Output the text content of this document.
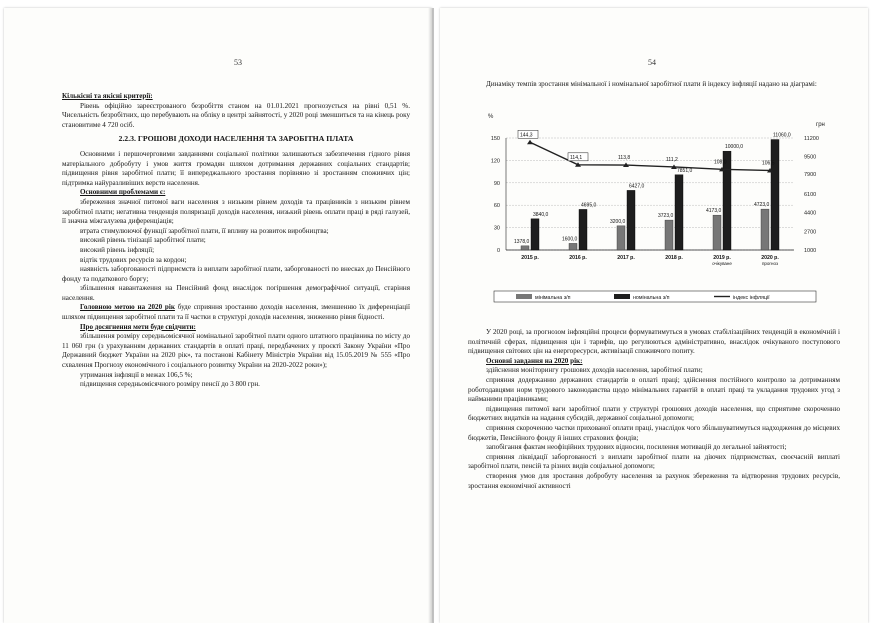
53

Кількісні та якісні критерії:

Рівень офіційно зареєстрованого безробіття станом на 01.01.2021 прогнозується на рівні 0,51 %. Чисельність безробітних, що перебувають на обліку в центрі зайнятості, у 2020 році зменшиться та на кінець року становитиме 4 720 осіб.

2.2.3. ГРОШОВІ ДОХОДИ НАСЕЛЕННЯ ТА ЗАРОБІТНА ПЛАТА

Основними і першочерговими завданнями соціальної політики залишаються забезпечення гідного рівня матеріального добробуту і умов життя громадян шляхом дотримання державних соціальних стандартів; підвищення рівня заробітної плати; її випереджального зростання порівняно зі зростанням споживчих цін; підтримка найуразливіших верств населення.

Основними проблемами є:

збереження значної питомої ваги населення з низьким рівнем доходів та працівників з низьким рівнем заробітної плати; негативна тенденція поляризації доходів населення, низький рівень оплати праці в ряді галузей, її значна міжгалузева диференціація;

втрата стимулюючої функції заробітної плати, її впливу на розвиток виробництва;

високий рівень тінізації заробітної плати;

високий рівень інфляції;

відтік трудових ресурсів за кордон;

наявність заборгованості підприємств із виплати заробітної плати, заборгованості по внесках до Пенсійного фонду та податкового боргу;

збільшення навантаження на Пенсійний фонд внаслідок погіршення демографічної ситуації, старіння населення.

Головною метою на 2020 рік буде сприяння зростанню доходів населення, зменшенню їх диференціації шляхом підвищення заробітної плати та її частки в структурі доходів населення, зниженню рівня бідності.

Про досягнення мети буде свідчити:

збільшення розміру середньомісячної номінальної заробітної плати одного штатного працівника по місту до 11 060 грн (з урахуванням державних стандартів в оплаті праці, передбачених у проєкті Закону України «Про Державний бюджет України на 2020 рік», та постанові Кабінету Міністрів України від 15.05.2019 № 555 «Про схвалення Прогнозу економічного і соціального розвитку України на 2020-2022 роки»);

утримання інфляції в межах 106,5 %;

підвищення середньомісячного розміру пенсії до 3 800 грн.

54

Динаміку темпів зростання мінімальної і номінальної заробітної плати й індексу інфляції надано на діаграмі:

%
грн
150
120
90
60
30
0
11200
9500
7900
6100
4400
2700
1000
2015 р.
1378,0
3840,0
2016 р.
1600,0
4695,0
2017 р.
3200,0
6427,0
2018 р.
3723,0
7851,0
2019 р.
очікуване
4173,0
10000,0
2020 р.
прогноз
4723,0
11060,0
144,3
114,1	113,8	111,2	108,0	106,5
мінімальна з/п	номінальна з/п	індекс інфляції

У 2020 році, за прогнозом інфляційні процеси формуватимуться в умовах стабілізаційних тенденцій в економічній і політичній сферах, підвищення цін і тарифів, що регулюються адміністративно, внаслідок очікуваного поступового підвищення світових цін на енергоресурси, активізації споживчого попиту.

Основні завдання на 2020 рік:

здійснення моніторингу грошових доходів населення, заробітної плати;

сприяння додержанню державних стандартів в оплаті праці; здійснення постійного контролю за дотриманням роботодавцями норм трудового законодавства щодо мінімальних гарантій в оплаті праці та укладання трудових угод з найманими працівниками;

підвищення питомої ваги заробітної плати у структурі грошових доходів населення, що сприятиме скороченню бюджетних видатків на надання субсидій, державної соціальної допомоги;

сприяння скороченню частки прихованої оплати праці, унаслідок чого збільшуватимуться надходження до місцевих бюджетів, Пенсійного фонду й інших страхових фондів;

запобігання фактам неофіційних трудових відносин, посилення мотивацій до легальної зайнятості;

сприяння ліквідації заборгованості з виплати заробітної плати на діючих підприємствах, своєчасній виплаті заробітної плати, пенсій та різних видів соціальної допомоги;

створення умов для зростання добробуту населення за рахунок збереження та відтворення трудових ресурсів, зростання економічної активності
